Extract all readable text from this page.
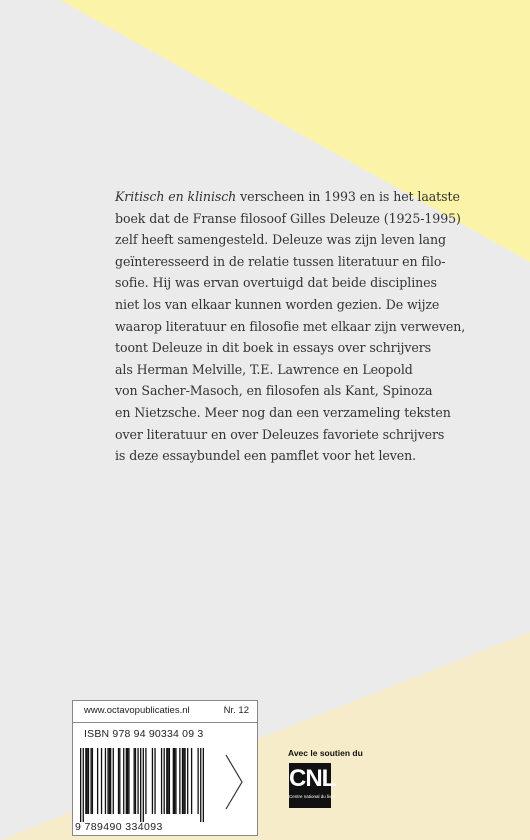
Kritisch en klinisch verscheen in 1993 en is het laatste
boek dat de Franse filosoof Gilles Deleuze (1925-1995)
zelf heeft samengesteld. Deleuze was zijn leven lang
geïnteresseerd in de relatie tussen literatuur en filo-
sofie. Hij was ervan overtuigd dat beide disciplines
niet los van elkaar kunnen worden gezien. De wijze
waarop literatuur en filosofie met elkaar zijn verweven,
toont Deleuze in dit boek in essays over schrijvers
als Herman Melville, T.E. Lawrence en Leopold
von Sacher-Masoch, en filosofen als Kant, Spinoza
en Nietzsche. Meer nog dan een verzameling teksten
over literatuur en over Deleuzes favoriete schrijvers
is deze essaybundel een pamflet voor het leven.
www.octavopublicaties.nl	Nr. 12
ISBN 978 94 90334 09 3
9 789490 334093
Avec le soutien du
CNL
Centre national du livre
